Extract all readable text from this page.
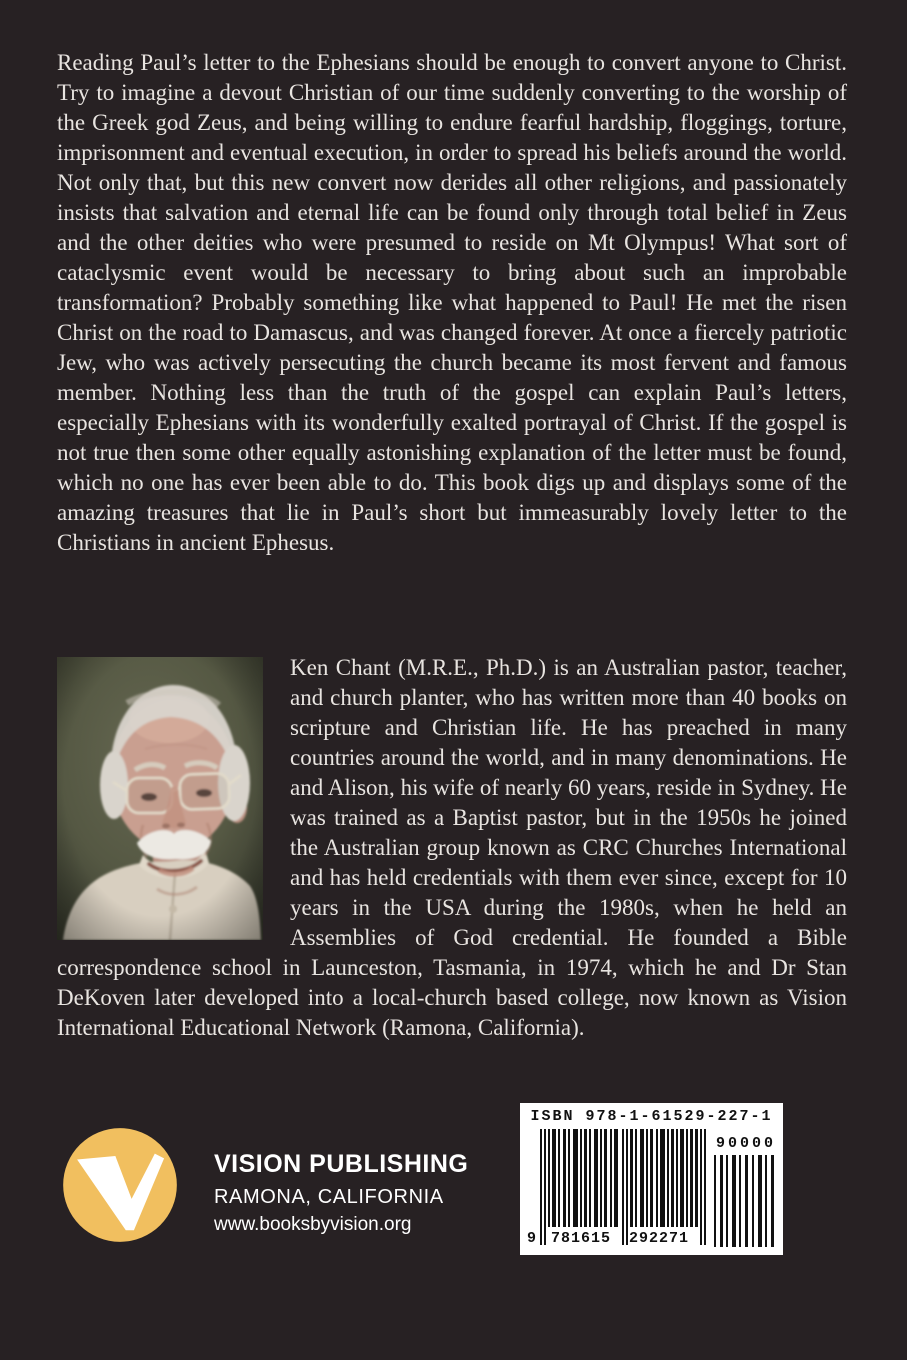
Reading Paul’s letter to the Ephesians should be enough to convert anyone to Christ. Try to imagine a devout Christian of our time suddenly converting to the worship of the Greek god Zeus, and being willing to endure fearful hardship, floggings, torture, imprisonment and eventual execution, in order to spread his beliefs around the world. Not only that, but this new convert now derides all other religions, and passionately insists that salvation and eternal life can be found only through total belief in Zeus and the other deities who were presumed to reside on Mt Olympus! What sort of cataclysmic event would be necessary to bring about such an improbable transformation? Probably something like what happened to Paul! He met the risen Christ on the road to Damascus, and was changed forever. At once a fiercely patriotic Jew, who was actively persecuting the church became its most fervent and famous member. Nothing less than the truth of the gospel can explain Paul’s letters, especially Ephesians with its wonderfully exalted portrayal of Christ. If the gospel is not true then some other equally astonishing explanation of the letter must be found, which no one has ever been able to do. This book digs up and displays some of the amazing treasures that lie in Paul’s short but immeasurably lovely letter to the Christians in ancient Ephesus.

Ken Chant (M.R.E., Ph.D.) is an Australian pastor, teacher, and church planter, who has written more than 40 books on scripture and Christian life. He has preached in many countries around the world, and in many denominations. He and Alison, his wife of nearly 60 years, reside in Sydney. He was trained as a Baptist pastor, but in the 1950s he joined the Australian group known as CRC Churches International and has held credentials with them ever since, except for 10 years in the USA during the 1980s, when he held an Assemblies of God credential. He founded a Bible correspondence school in Launceston, Tasmania, in 1974, which he and Dr Stan DeKoven later developed into a local-church based college, now known as Vision International Educational Network (Ramona, California).
VISION PUBLISHING
RAMONA, CALIFORNIA
www.booksbyvision.org
ISBN 978-1-61529-227-1
9 781615 292271
90000
